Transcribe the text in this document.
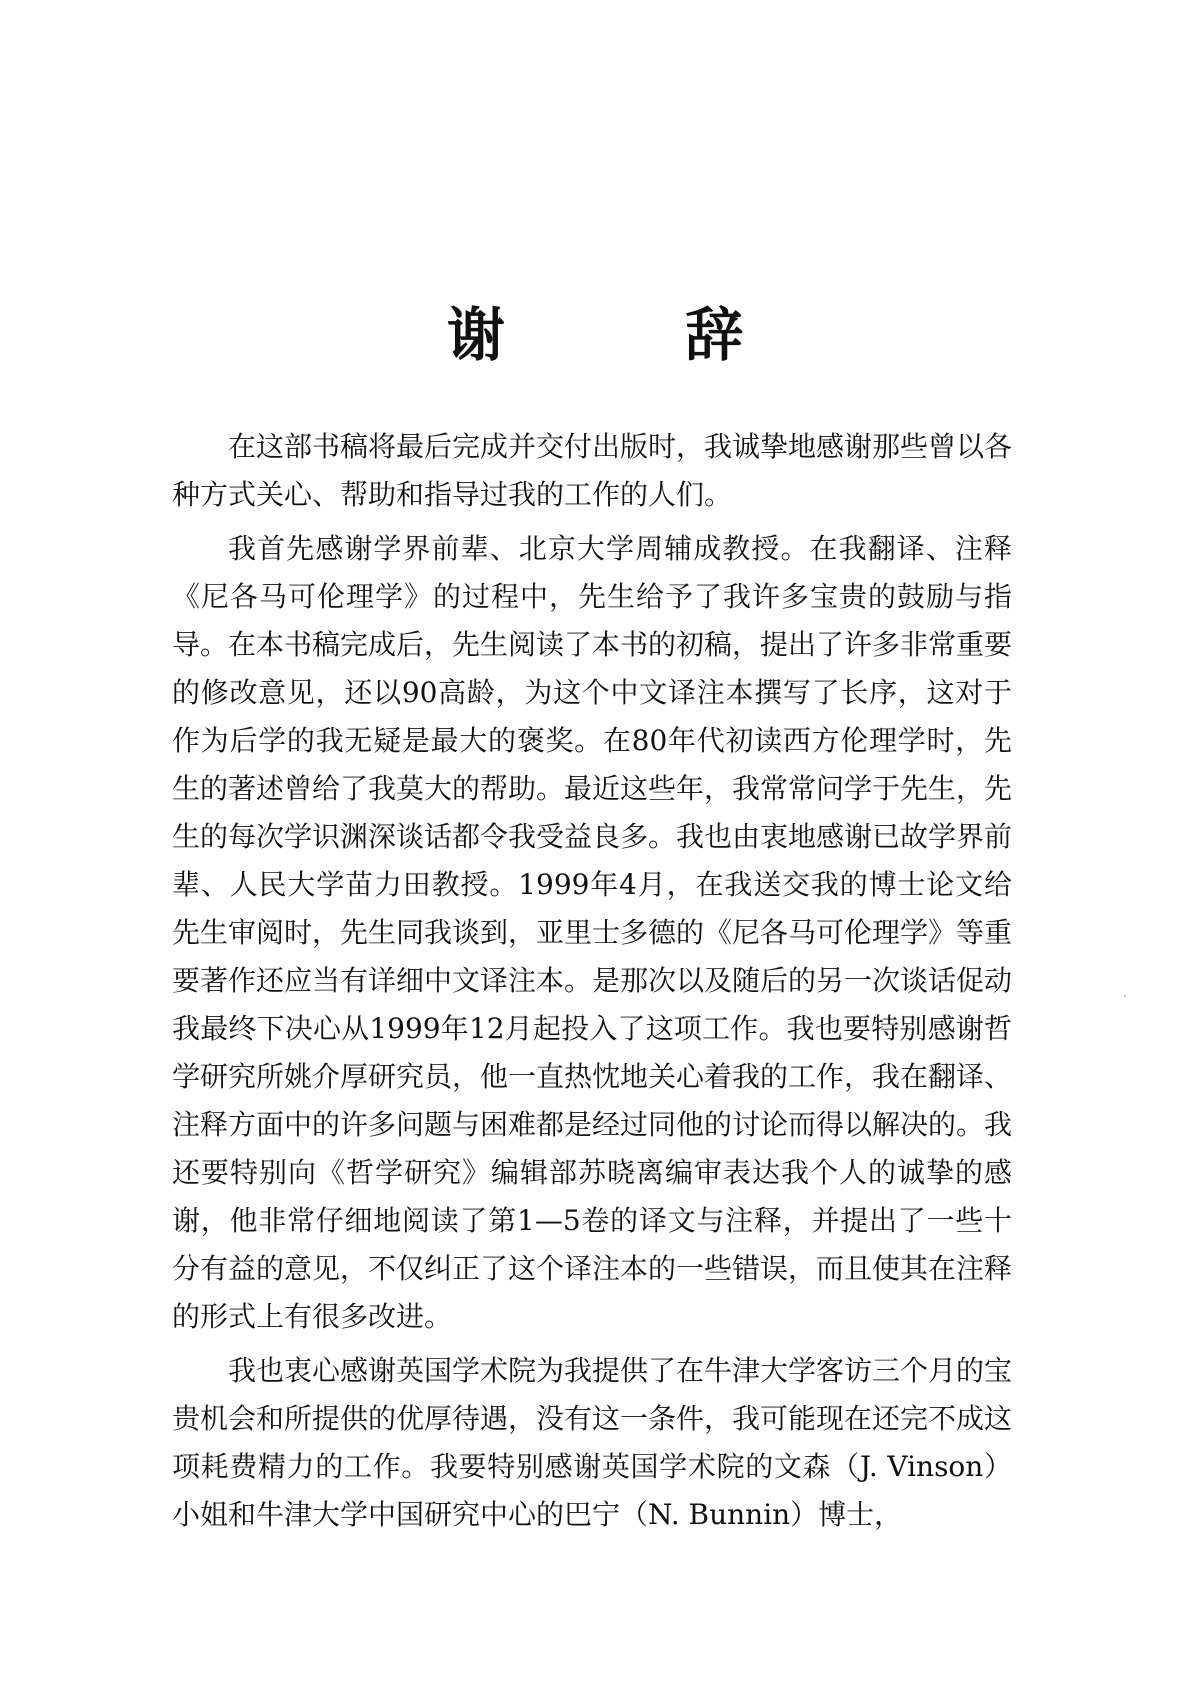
谢 辞

在这部书稿将最后完成并交付出版时，我诚挚地感谢那些曾以各种方式关心、帮助和指导过我的工作的人们。

我首先感谢学界前辈、北京大学周辅成教授。在我翻译、注释《尼各马可伦理学》的过程中，先生给予了我许多宝贵的鼓励与指导。在本书稿完成后，先生阅读了本书的初稿，提出了许多非常重要的修改意见，还以90高龄，为这个中文译注本撰写了长序，这对于作为后学的我无疑是最大的褒奖。在80年代初读西方伦理学时，先生的著述曾给了我莫大的帮助。最近这些年，我常常问学于先生，先生的每次学识渊深谈话都令我受益良多。我也由衷地感谢已故学界前辈、人民大学苗力田教授。1999年4月，在我送交我的博士论文给先生审阅时，先生同我谈到，亚里士多德的《尼各马可伦理学》等重要著作还应当有详细中文译注本。是那次以及随后的另一次谈话促动我最终下决心从1999年12月起投入了这项工作。我也要特别感谢哲学研究所姚介厚研究员，他一直热忱地关心着我的工作，我在翻译、注释方面中的许多问题与困难都是经过同他的讨论而得以解决的。我还要特别向《哲学研究》编辑部苏晓离编审表达我个人的诚挚的感谢，他非常仔细地阅读了第1—5卷的译文与注释，并提出了一些十分有益的意见，不仅纠正了这个译注本的一些错误，而且使其在注释的形式上有很多改进。

我也衷心感谢英国学术院为我提供了在牛津大学客访三个月的宝贵机会和所提供的优厚待遇，没有这一条件，我可能现在还完不成这项耗费精力的工作。我要特别感谢英国学术院的文森（J. Vinson）小姐和牛津大学中国研究中心的巴宁（N. Bunnin）博士，
